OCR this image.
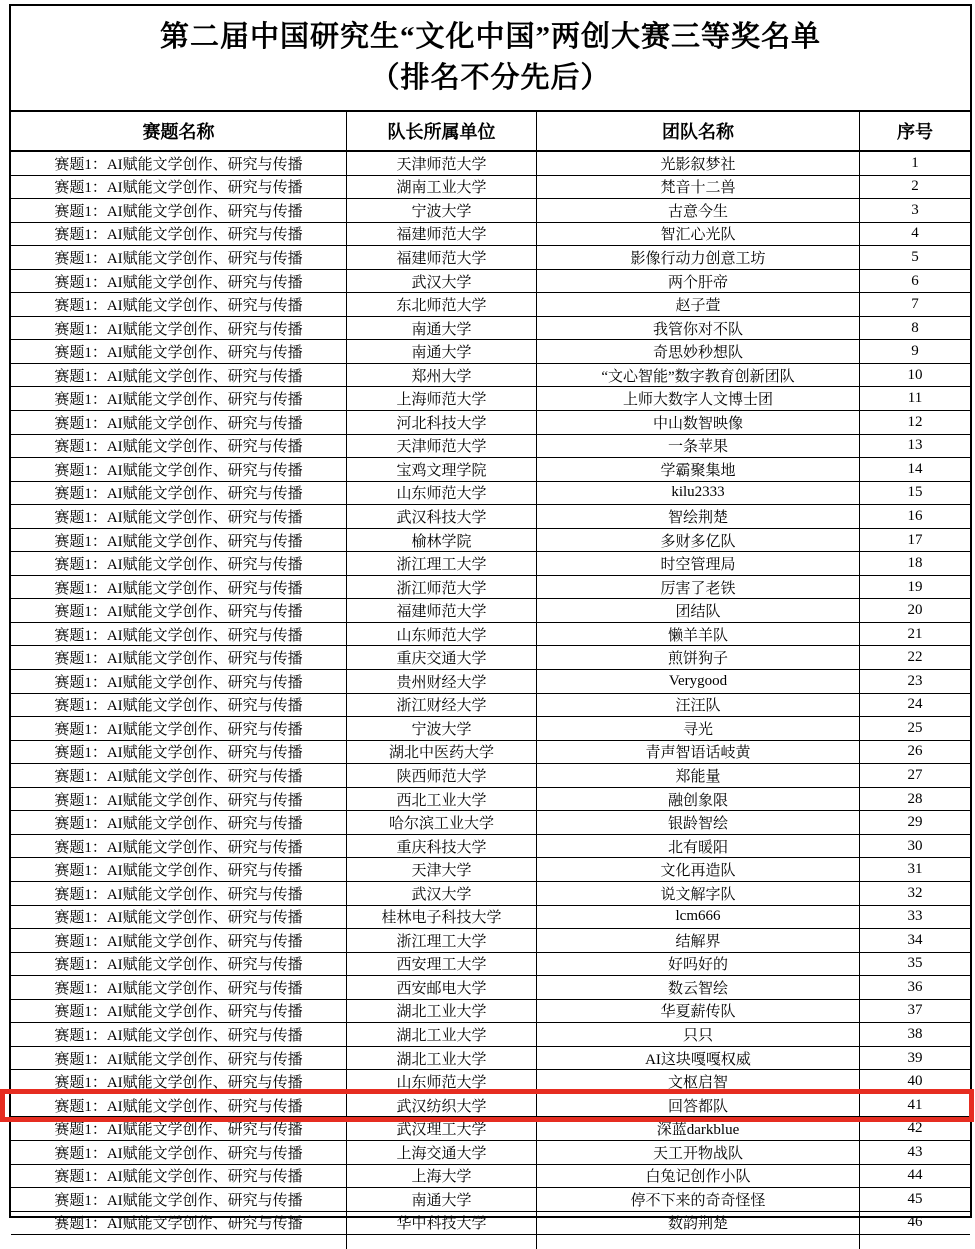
第二届中国研究生“文化中国”两创大赛三等奖名单
（排名不分先后）
赛题名称	队长所属单位	团队名称	序号
赛题1：AI赋能文学创作、研究与传播	天津师范大学	光影叙梦社	1
赛题1：AI赋能文学创作、研究与传播	湖南工业大学	梵音十二兽	2
赛题1：AI赋能文学创作、研究与传播	宁波大学	古意今生	3
赛题1：AI赋能文学创作、研究与传播	福建师范大学	智汇心光队	4
赛题1：AI赋能文学创作、研究与传播	福建师范大学	影像行动力创意工坊	5
赛题1：AI赋能文学创作、研究与传播	武汉大学	两个肝帝	6
赛题1：AI赋能文学创作、研究与传播	东北师范大学	赵子萱	7
赛题1：AI赋能文学创作、研究与传播	南通大学	我管你对不队	8
赛题1：AI赋能文学创作、研究与传播	南通大学	奇思妙秒想队	9
赛题1：AI赋能文学创作、研究与传播	郑州大学	“文心智能”数字教育创新团队	10
赛题1：AI赋能文学创作、研究与传播	上海师范大学	上师大数字人文博士团	11
赛题1：AI赋能文学创作、研究与传播	河北科技大学	中山数智映像	12
赛题1：AI赋能文学创作、研究与传播	天津师范大学	一条苹果	13
赛题1：AI赋能文学创作、研究与传播	宝鸡文理学院	学霸聚集地	14
赛题1：AI赋能文学创作、研究与传播	山东师范大学	kilu2333	15
赛题1：AI赋能文学创作、研究与传播	武汉科技大学	智绘荆楚	16
赛题1：AI赋能文学创作、研究与传播	榆林学院	多财多亿队	17
赛题1：AI赋能文学创作、研究与传播	浙江理工大学	时空管理局	18
赛题1：AI赋能文学创作、研究与传播	浙江师范大学	厉害了老铁	19
赛题1：AI赋能文学创作、研究与传播	福建师范大学	团结队	20
赛题1：AI赋能文学创作、研究与传播	山东师范大学	懒羊羊队	21
赛题1：AI赋能文学创作、研究与传播	重庆交通大学	煎饼狗子	22
赛题1：AI赋能文学创作、研究与传播	贵州财经大学	Verygood	23
赛题1：AI赋能文学创作、研究与传播	浙江财经大学	汪汪队	24
赛题1：AI赋能文学创作、研究与传播	宁波大学	寻光	25
赛题1：AI赋能文学创作、研究与传播	湖北中医药大学	青声智语话岐黄	26
赛题1：AI赋能文学创作、研究与传播	陕西师范大学	郑能量	27
赛题1：AI赋能文学创作、研究与传播	西北工业大学	融创象限	28
赛题1：AI赋能文学创作、研究与传播	哈尔滨工业大学	银龄智绘	29
赛题1：AI赋能文学创作、研究与传播	重庆科技大学	北有暖阳	30
赛题1：AI赋能文学创作、研究与传播	天津大学	文化再造队	31
赛题1：AI赋能文学创作、研究与传播	武汉大学	说文解字队	32
赛题1：AI赋能文学创作、研究与传播	桂林电子科技大学	lcm666	33
赛题1：AI赋能文学创作、研究与传播	浙江理工大学	结解界	34
赛题1：AI赋能文学创作、研究与传播	西安理工大学	好吗好的	35
赛题1：AI赋能文学创作、研究与传播	西安邮电大学	数云智绘	36
赛题1：AI赋能文学创作、研究与传播	湖北工业大学	华夏薪传队	37
赛题1：AI赋能文学创作、研究与传播	湖北工业大学	只只	38
赛题1：AI赋能文学创作、研究与传播	湖北工业大学	AI这块嘎嘎权威	39
赛题1：AI赋能文学创作、研究与传播	山东师范大学	文枢启智	40
赛题1：AI赋能文学创作、研究与传播	武汉纺织大学	回答都队	41
赛题1：AI赋能文学创作、研究与传播	武汉理工大学	深蓝darkblue	42
赛题1：AI赋能文学创作、研究与传播	上海交通大学	天工开物战队	43
赛题1：AI赋能文学创作、研究与传播	上海大学	白兔记创作小队	44
赛题1：AI赋能文学创作、研究与传播	南通大学	停不下来的奇奇怪怪	45
赛题1：AI赋能文学创作、研究与传播	华中科技大学	数韵荆楚	46
